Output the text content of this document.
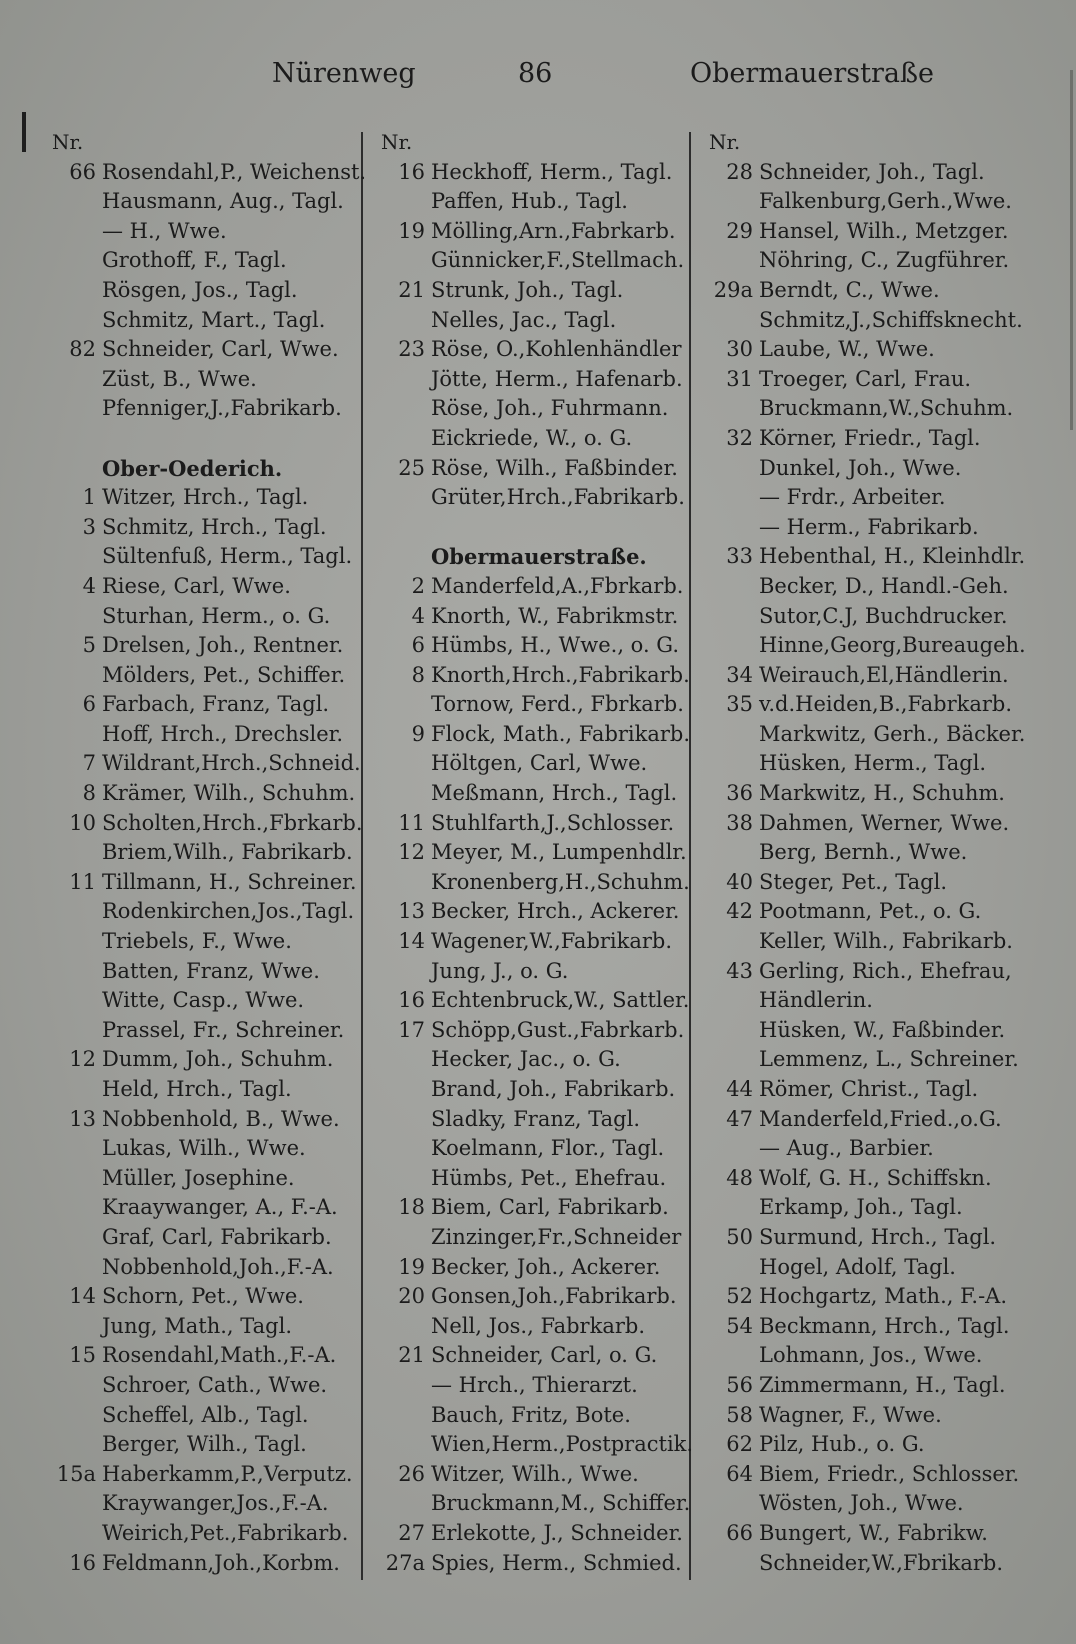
Nürenweg	86	Obermauerstraße
Nr.
66 Rosendahl,P., Weichenst.
Hausmann, Aug., Tagl.
— H., Wwe.
Grothoff, F., Tagl.
Rösgen, Jos., Tagl.
Schmitz, Mart., Tagl.
82 Schneider, Carl, Wwe.
Züst, B., Wwe.
Pfenniger,J.,Fabrikarb.
Ober-Oederich.
1 Witzer, Hrch., Tagl.
3 Schmitz, Hrch., Tagl.
Sültenfuß, Herm., Tagl.
4 Riese, Carl, Wwe.
Sturhan, Herm., o. G.
5 Drelsen, Joh., Rentner.
Mölders, Pet., Schiffer.
6 Farbach, Franz, Tagl.
Hoff, Hrch., Drechsler.
7 Wildrant,Hrch.,Schneid.
8 Krämer, Wilh., Schuhm.
10 Scholten,Hrch.,Fbrkarb.
Briem,Wilh., Fabrikarb.
11 Tillmann, H., Schreiner.
Rodenkirchen,Jos.,Tagl.
Triebels, F., Wwe.
Batten, Franz, Wwe.
Witte, Casp., Wwe.
Prassel, Fr., Schreiner.
12 Dumm, Joh., Schuhm.
Held, Hrch., Tagl.
13 Nobbenhold, B., Wwe.
Lukas, Wilh., Wwe.
Müller, Josephine.
Kraaywanger, A., F.-A.
Graf, Carl, Fabrikarb.
Nobbenhold,Joh.,F.-A.
14 Schorn, Pet., Wwe.
Jung, Math., Tagl.
15 Rosendahl,Math.,F.-A.
Schroer, Cath., Wwe.
Scheffel, Alb., Tagl.
Berger, Wilh., Tagl.
15a Haberkamm,P.,Verputz.
Kraywanger,Jos.,F.-A.
Weirich,Pet.,Fabrikarb.
16 Feldmann,Joh.,Korbm.
Nr.
16 Heckhoff, Herm., Tagl.
Paffen, Hub., Tagl.
19 Mölling,Arn.,Fabrkarb.
Günnicker,F.,Stellmach.
21 Strunk, Joh., Tagl.
Nelles, Jac., Tagl.
23 Röse, O.,Kohlenhändler
Jötte, Herm., Hafenarb.
Röse, Joh., Fuhrmann.
Eickriede, W., o. G.
25 Röse, Wilh., Faßbinder.
Grüter,Hrch.,Fabrikarb.
Obermauerstraße.
2 Manderfeld,A.,Fbrkarb.
4 Knorth, W., Fabrikmstr.
6 Hümbs, H., Wwe., o. G.
8 Knorth,Hrch.,Fabrikarb.
Tornow, Ferd., Fbrkarb.
9 Flock, Math., Fabrikarb.
Höltgen, Carl, Wwe.
Meßmann, Hrch., Tagl.
11 Stuhlfarth,J.,Schlosser.
12 Meyer, M., Lumpenhdlr.
Kronenberg,H.,Schuhm.
13 Becker, Hrch., Ackerer.
14 Wagener,W.,Fabrikarb.
Jung, J., o. G.
16 Echtenbruck,W., Sattler.
17 Schöpp,Gust.,Fabrkarb.
Hecker, Jac., o. G.
Brand, Joh., Fabrikarb.
Sladky, Franz, Tagl.
Koelmann, Flor., Tagl.
Hümbs, Pet., Ehefrau.
18 Biem, Carl, Fabrikarb.
Zinzinger,Fr.,Schneider
19 Becker, Joh., Ackerer.
20 Gonsen,Joh.,Fabrikarb.
Nell, Jos., Fabrkarb.
21 Schneider, Carl, o. G.
— Hrch., Thierarzt.
Bauch, Fritz, Bote.
Wien,Herm.,Postpractik.
26 Witzer, Wilh., Wwe.
Bruckmann,M., Schiffer.
27 Erlekotte, J., Schneider.
27a Spies, Herm., Schmied.
Nr.
28 Schneider, Joh., Tagl.
Falkenburg,Gerh.,Wwe.
29 Hansel, Wilh., Metzger.
Nöhring, C., Zugführer.
29a Berndt, C., Wwe.
Schmitz,J.,Schiffsknecht.
30 Laube, W., Wwe.
31 Troeger, Carl, Frau.
Bruckmann,W.,Schuhm.
32 Körner, Friedr., Tagl.
Dunkel, Joh., Wwe.
— Frdr., Arbeiter.
— Herm., Fabrikarb.
33 Hebenthal, H., Kleinhdlr.
Becker, D., Handl.-Geh.
Sutor,C.J, Buchdrucker.
Hinne,Georg,Bureaugeh.
34 Weirauch,El,Händlerin.
35 v.d.Heiden,B.,Fabrkarb.
Markwitz, Gerh., Bäcker.
Hüsken, Herm., Tagl.
36 Markwitz, H., Schuhm.
38 Dahmen, Werner, Wwe.
Berg, Bernh., Wwe.
40 Steger, Pet., Tagl.
42 Pootmann, Pet., o. G.
Keller, Wilh., Fabrikarb.
43 Gerling, Rich., Ehefrau,
Händlerin.
Hüsken, W., Faßbinder.
Lemmenz, L., Schreiner.
44 Römer, Christ., Tagl.
47 Manderfeld,Fried.,o.G.
— Aug., Barbier.
48 Wolf, G. H., Schiffskn.
Erkamp, Joh., Tagl.
50 Surmund, Hrch., Tagl.
Hogel, Adolf, Tagl.
52 Hochgartz, Math., F.-A.
54 Beckmann, Hrch., Tagl.
Lohmann, Jos., Wwe.
56 Zimmermann, H., Tagl.
58 Wagner, F., Wwe.
62 Pilz, Hub., o. G.
64 Biem, Friedr., Schlosser.
Wösten, Joh., Wwe.
66 Bungert, W., Fabrikw.
Schneider,W.,Fbrikarb.
